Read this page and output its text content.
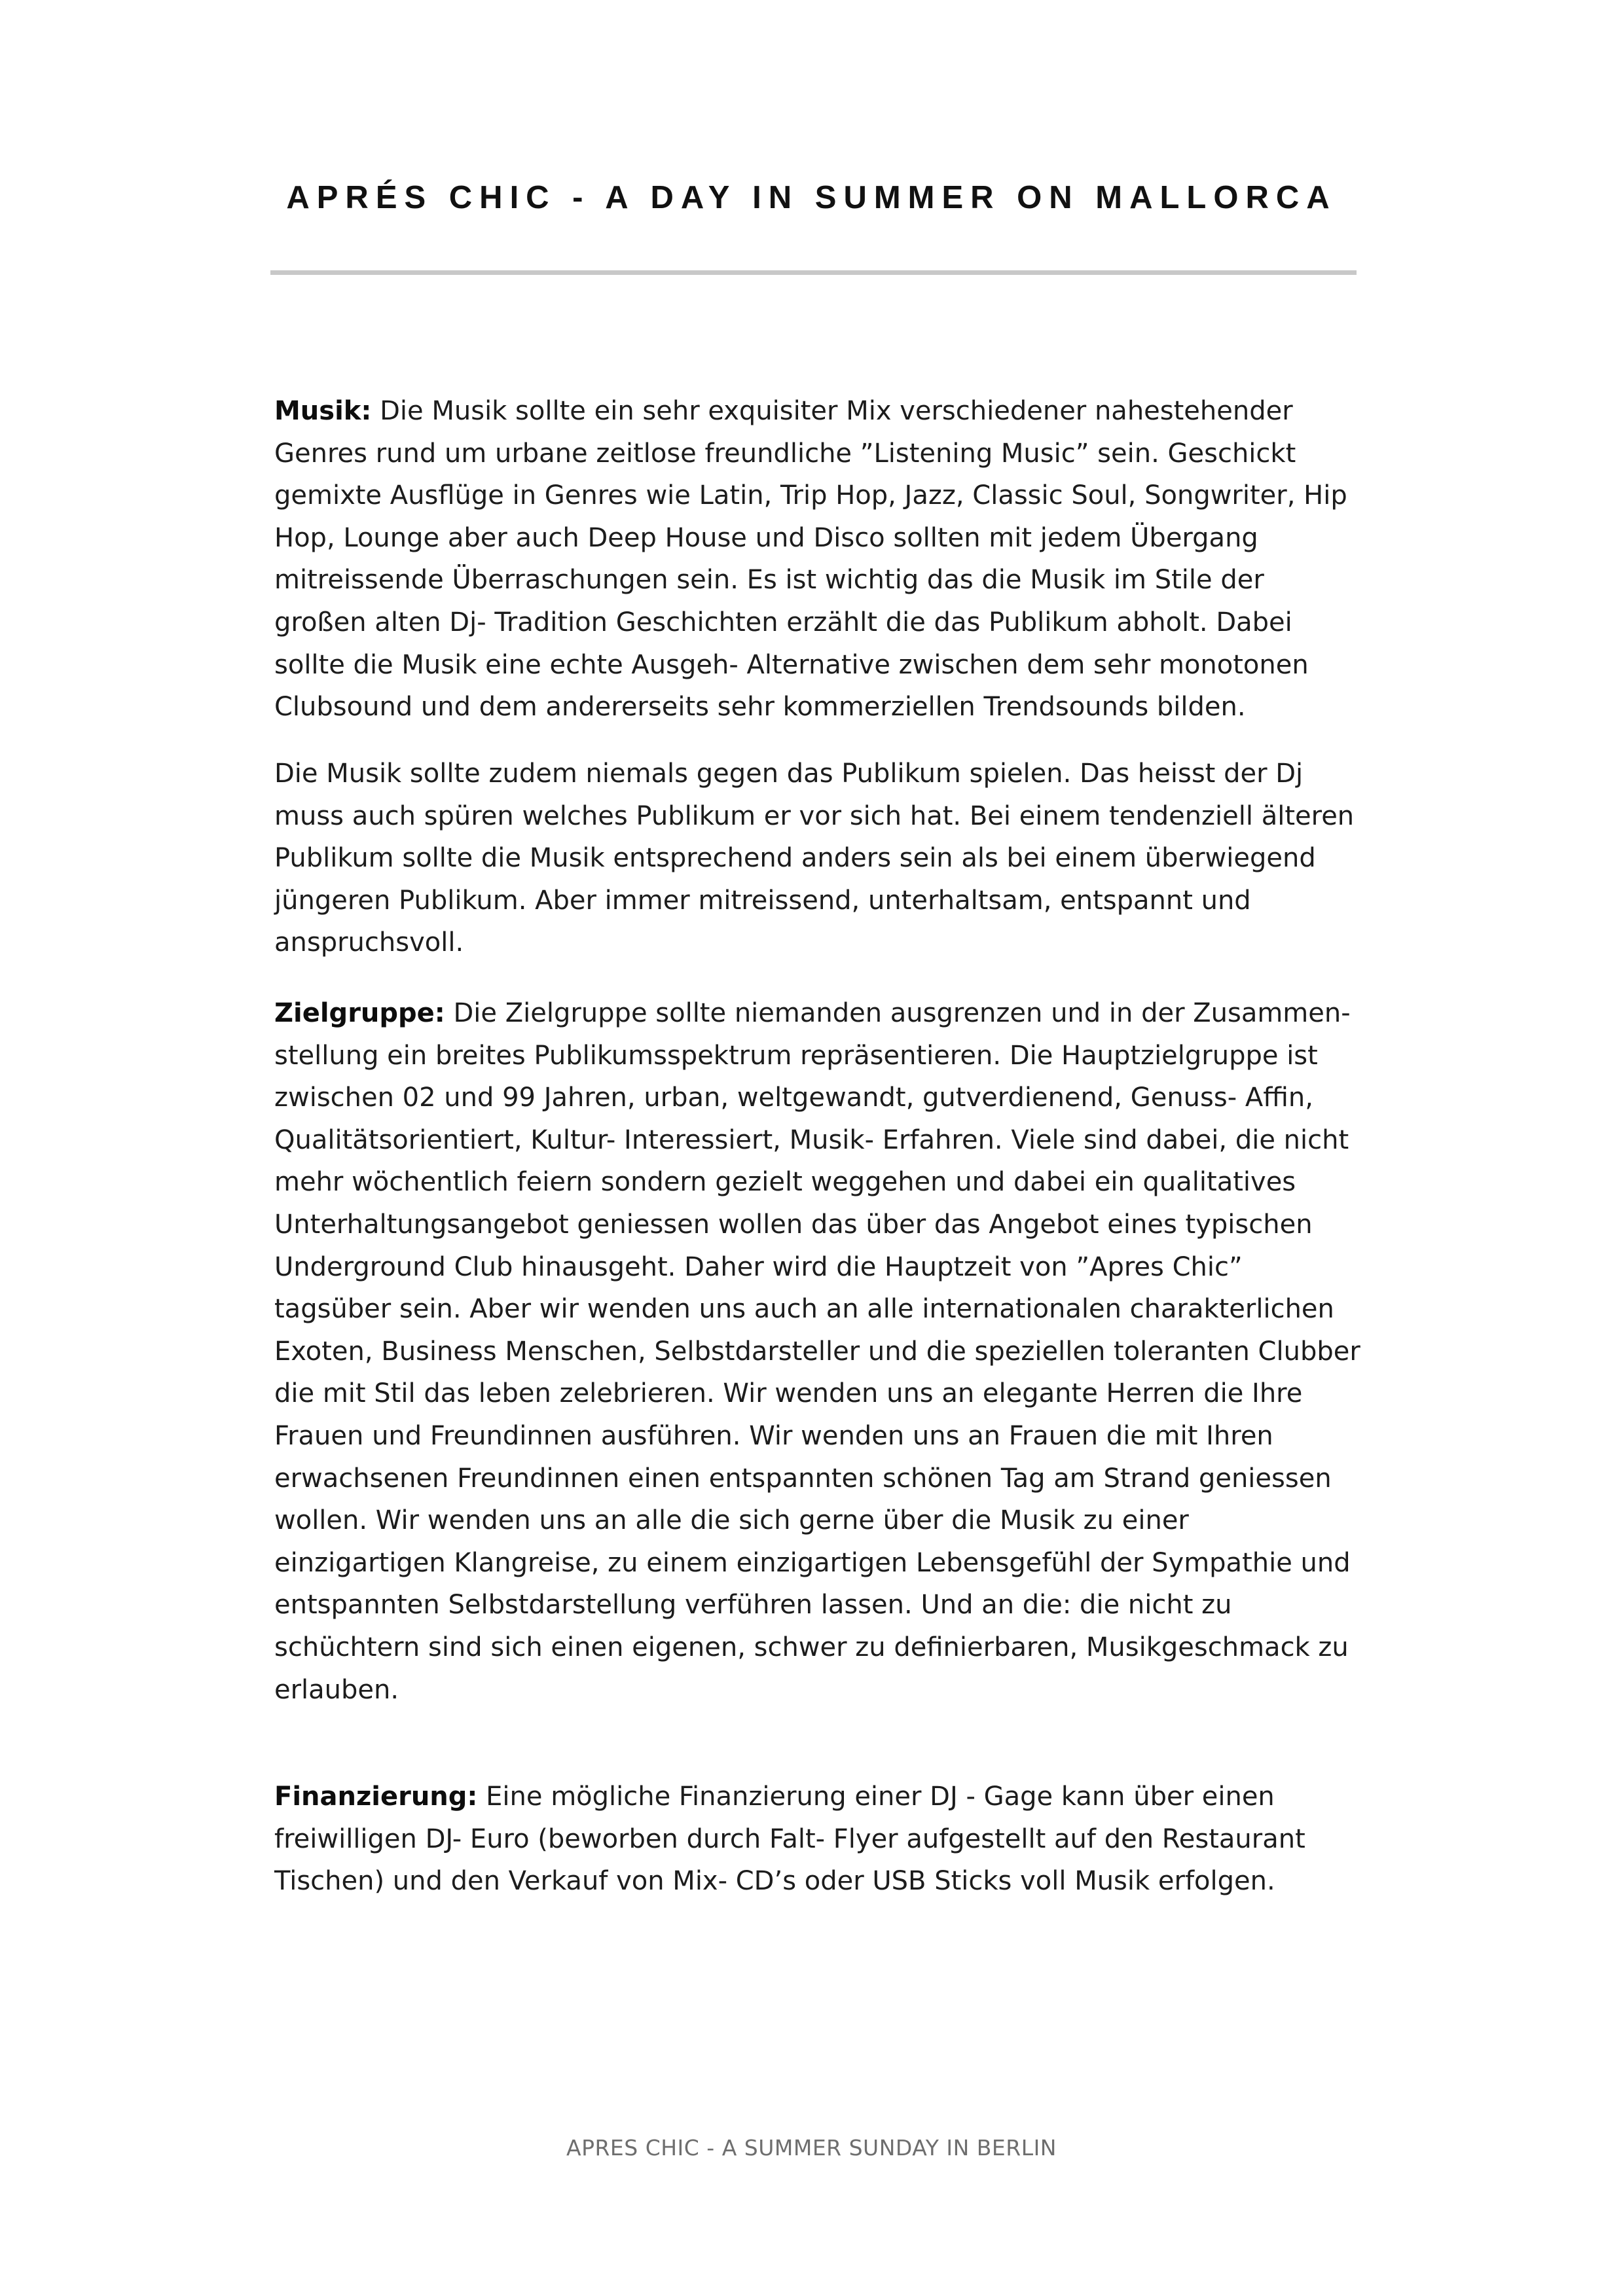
APRÉS CHIC - A DAY IN SUMMER ON MALLORCA

Musik: Die Musik sollte ein sehr exquisiter Mix verschiedener nahestehender Genres rund um urbane zeitlose freundliche ”Listening Music” sein. Geschickt gemixte Ausflüge in Genres wie Latin, Trip Hop, Jazz, Classic Soul, Songwriter, Hip Hop, Lounge aber auch Deep House und Disco sollten mit jedem Übergang mitreissende Überraschungen sein. Es ist wichtig das die Musik im Stile der großen alten Dj- Tradition Geschichten erzählt die das Publikum abholt. Dabei sollte die Musik eine echte Ausgeh- Alternative zwischen dem sehr monotonen Clubsound und dem andererseits sehr kommerziellen Trendsounds bilden.

Die Musik sollte zudem niemals gegen das Publikum spielen. Das heisst der Dj muss auch spüren welches Publikum er vor sich hat. Bei einem tendenziell älteren Publikum sollte die Musik entsprechend anders sein als bei einem überwiegend jüngeren Publikum. Aber immer mitreissend, unterhaltsam, entspannt und anspruchsvoll.

Zielgruppe: Die Zielgruppe sollte niemanden ausgrenzen und in der Zusammen-stellung ein breites Publikumsspektrum repräsentieren. Die Hauptzielgruppe ist zwischen 02 und 99 Jahren, urban, weltgewandt, gutverdienend, Genuss- Affin, Qualitätsorientiert, Kultur- Interessiert, Musik- Erfahren. Viele sind dabei, die nicht mehr wöchentlich feiern sondern gezielt weggehen und dabei ein qualitatives Unterhaltungsangebot geniessen wollen das über das Angebot eines typischen Underground Club hinausgeht. Daher wird die Hauptzeit von ”Apres Chic” tagsüber sein. Aber wir wenden uns auch an alle internationalen charakterlichen Exoten, Business Menschen, Selbstdarsteller und die speziellen toleranten Clubber die mit Stil das leben zelebrieren. Wir wenden uns an elegante Herren die Ihre Frauen und Freundinnen ausführen. Wir wenden uns an Frauen die mit Ihren erwachsenen Freundinnen einen entspannten schönen Tag am Strand geniessen wollen. Wir wenden uns an alle die sich gerne über die Musik zu einer einzigartigen Klangreise, zu einem einzigartigen Lebensgefühl der Sympathie und entspannten Selbstdarstellung verführen lassen. Und an die: die nicht zu schüchtern sind sich einen eigenen, schwer zu definierbaren, Musikgeschmack zu erlauben.

Finanzierung: Eine mögliche Finanzierung einer DJ - Gage kann über einen freiwilligen DJ- Euro (beworben durch Falt- Flyer aufgestellt auf den Restaurant Tischen) und den Verkauf von Mix- CD’s oder USB Sticks voll Musik erfolgen.

APRES CHIC - A SUMMER SUNDAY IN BERLIN
